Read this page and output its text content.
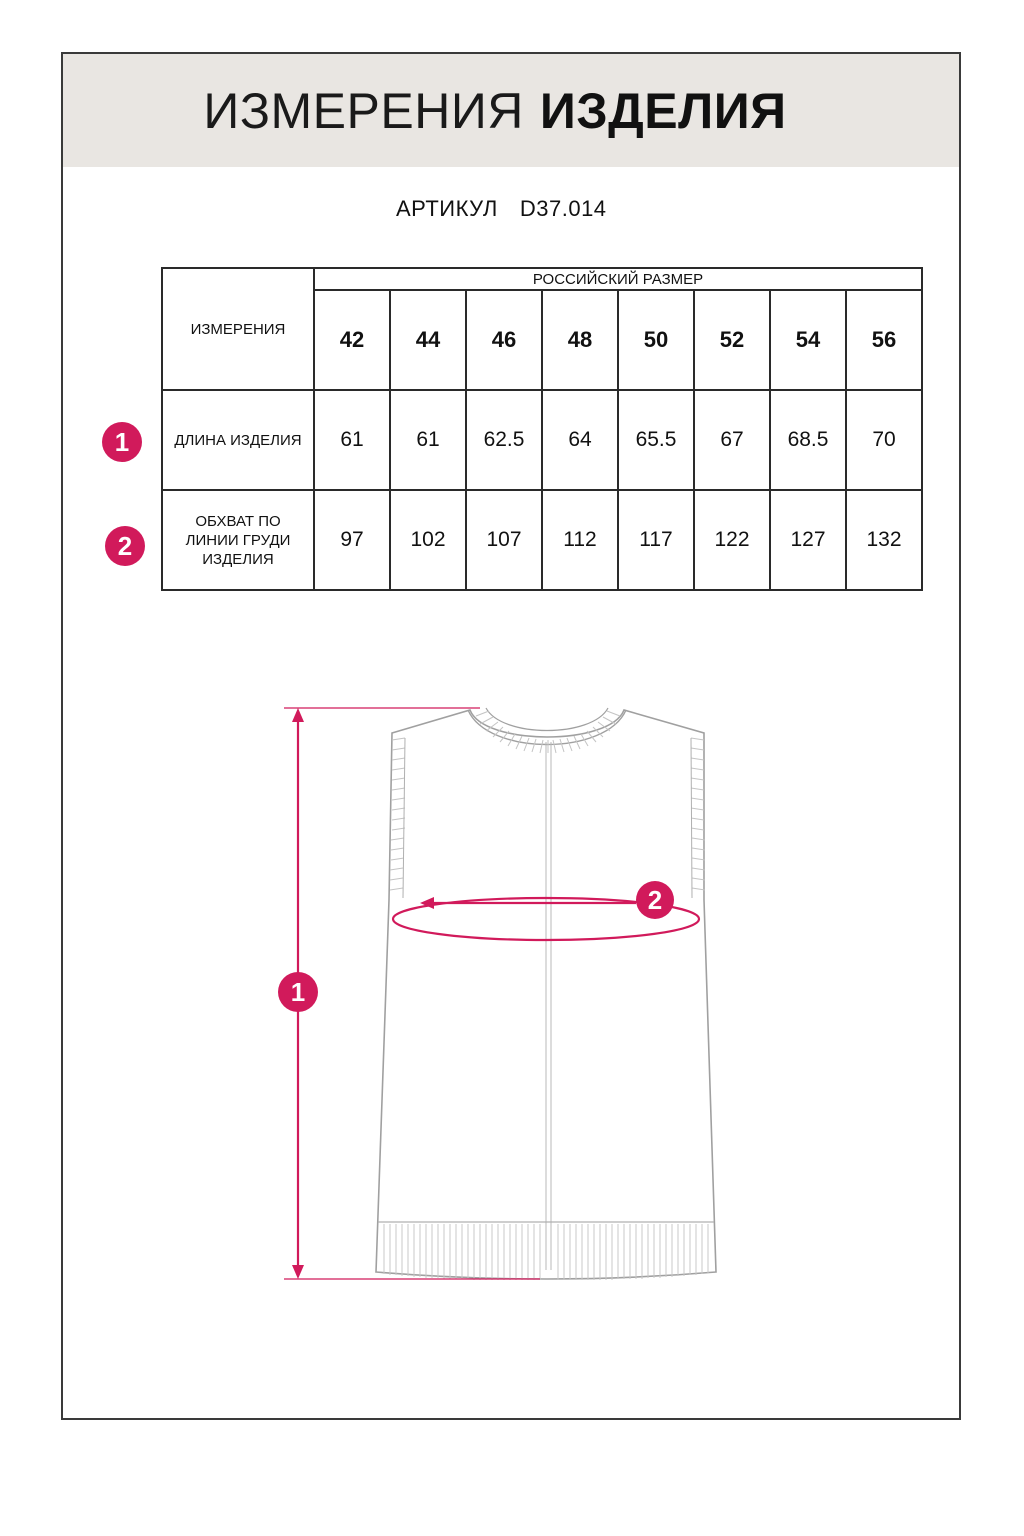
ИЗМЕРЕНИЯ ИЗДЕЛИЯ
АРТИКУЛ D37.014
ИЗМЕРЕНИЯ	РОССИЙСКИЙ РАЗМЕР							
	42	44	46	48	50	52	54	56
ДЛИНА ИЗДЕЛИЯ	61	61	62.5	64	65.5	67	68.5	70

ОБХВАТ ПО
ЛИНИИ ГРУДИ
ИЗДЕЛИЯ	97	102	107	112	117	122	127	132
1
2
1
2
